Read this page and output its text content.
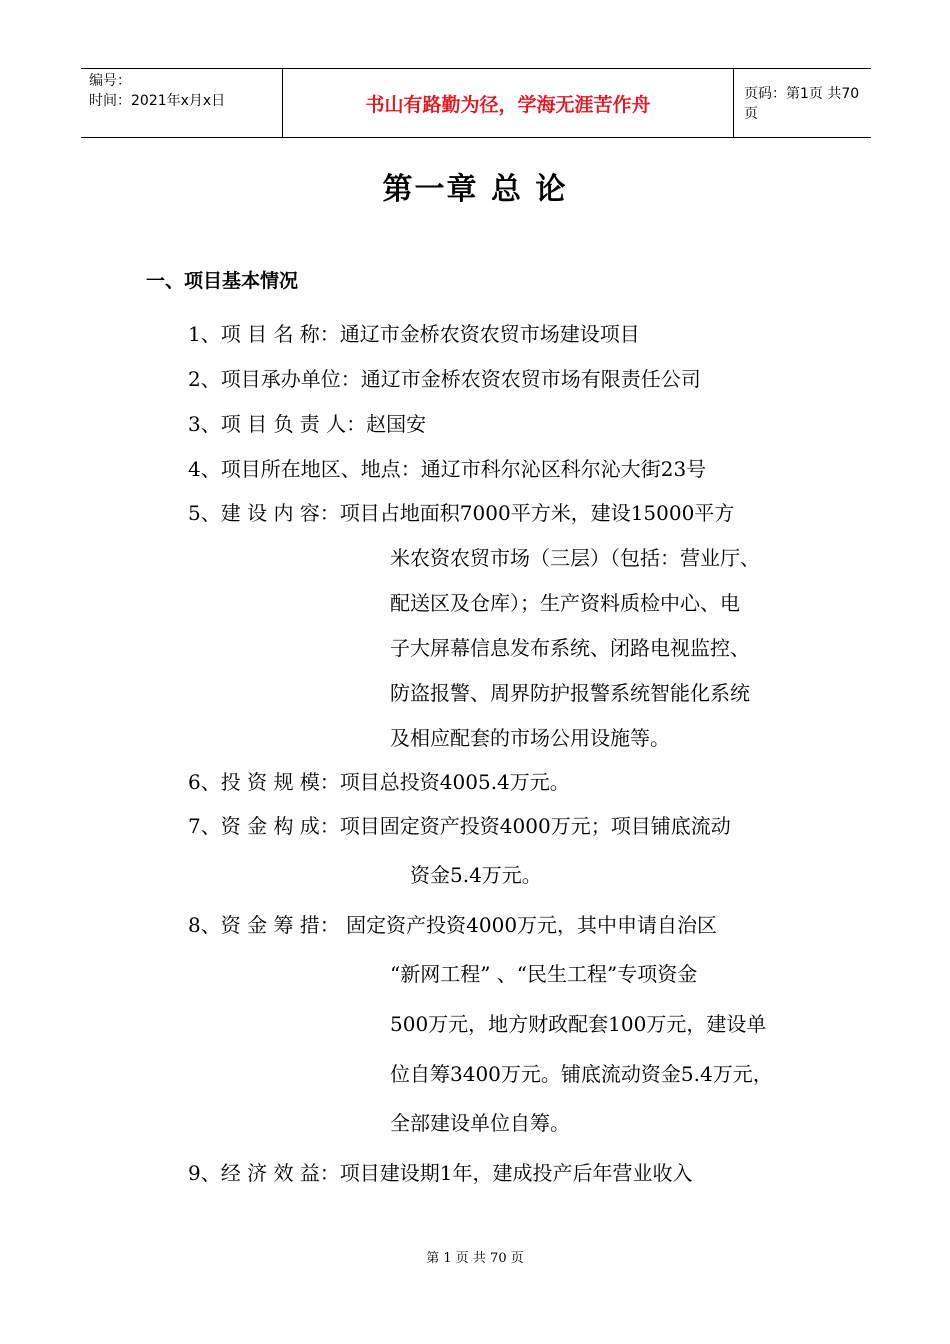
编号：
时间：2021年x月x日	书山有路勤为径，学海无涯苦作舟	页码：第1页 共70页
第一章 总 论
一、项目基本情况
1、项 目 名 称：通辽市金桥农资农贸市场建设项目
2、项目承办单位：通辽市金桥农资农贸市场有限责任公司
3、项 目 负 责 人：赵国安
4、项目所在地区、地点：通辽市科尔沁区科尔沁大街23号
5、建 设 内 容：项目占地面积7000平方米，建设15000平方
米农资农贸市场（三层）（包括：营业厅、
配送区及仓库）；生产资料质检中心、电
子大屏幕信息发布系统、闭路电视监控、
防盗报警、周界防护报警系统智能化系统
及相应配套的市场公用设施等。
6、投 资 规 模：项目总投资4005.4万元。
7、资 金 构 成：项目固定资产投资4000万元；项目铺底流动
资金5.4万元。
8、资 金 筹 措： 固定资产投资4000万元，其中申请自治区
“新网工程” 、“民生工程”专项资金
500万元，地方财政配套100万元，建设单
位自筹3400万元。铺底流动资金5.4万元，
全部建设单位自筹。
9、经 济 效 益：项目建设期1年，建成投产后年营业收入
第 1 页 共 70 页
